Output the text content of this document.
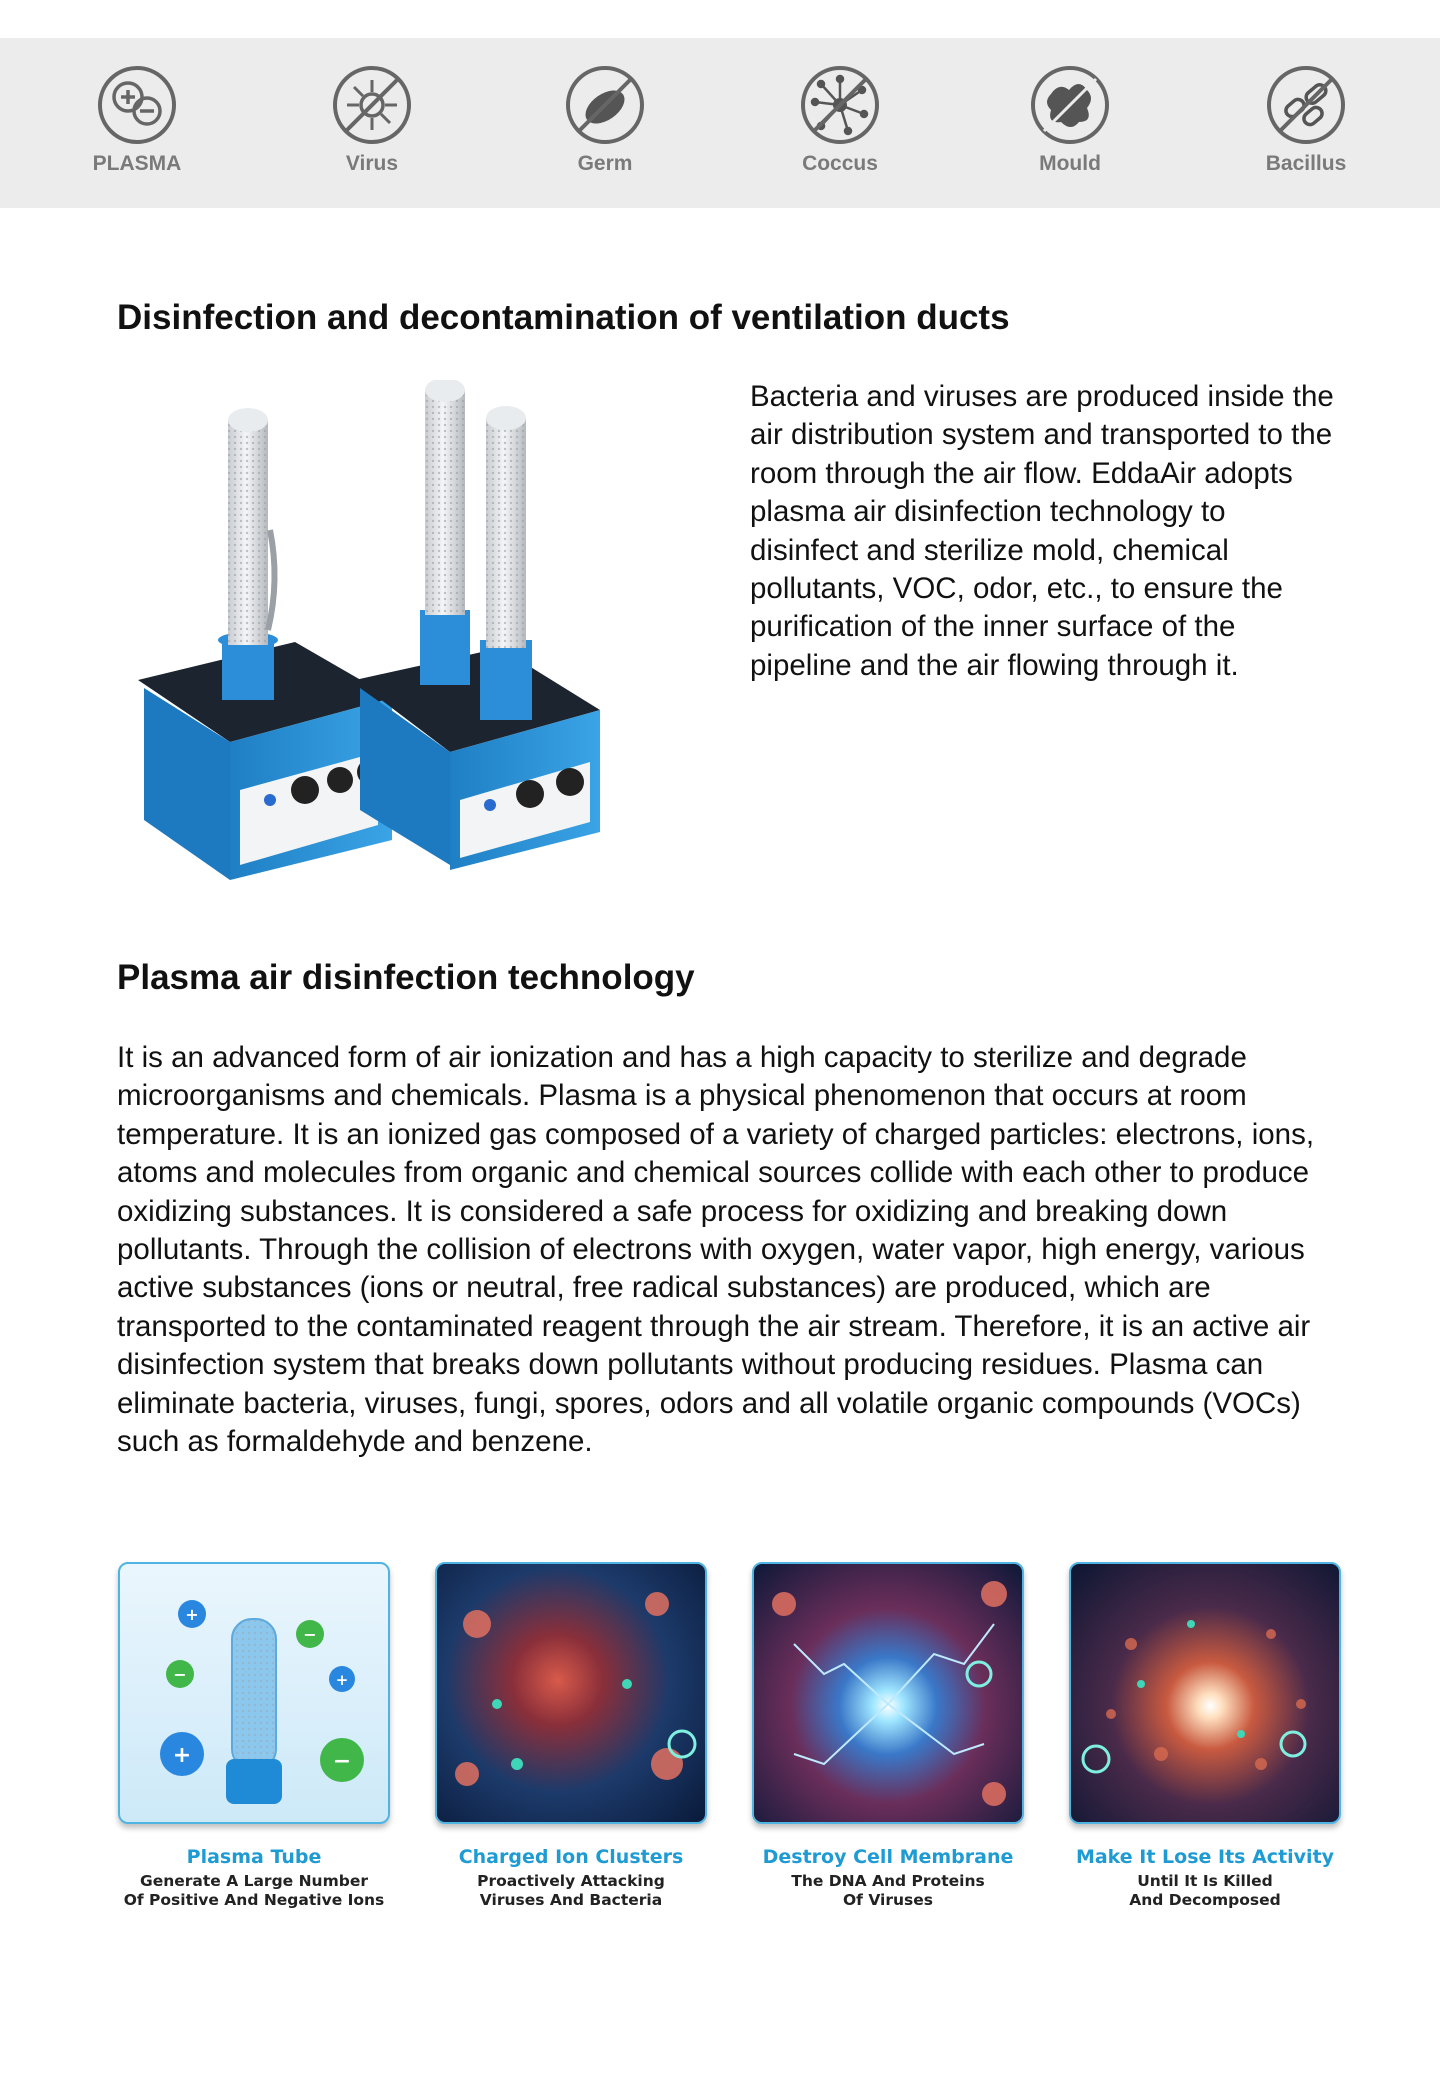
PLASMA	Virus	Germ	Coccus	Mould	Bacillus
Disinfection and decontamination of ventilation ducts

Bacteria and viruses are produced inside the air distribution system and transported to the room through the air flow. EddaAir adopts plasma air disinfection technology to disinfect and sterilize mold, chemical pollutants, VOC, odor, etc., to ensure the purification of the inner surface of the pipeline and the air flowing through it.

Plasma air disinfection technology

It is an advanced form of air ionization and has a high capacity to sterilize and degrade microorganisms and chemicals. Plasma is a physical phenomenon that occurs at room temperature. It is an ionized gas composed of a variety of charged particles: electrons, ions, atoms and molecules from organic and chemical sources collide with each other to produce oxidizing substances. It is considered a safe process for oxidizing and breaking down pollutants. Through the collision of electrons with oxygen, water vapor, high energy, various active substances (ions or neutral, free radical substances) are produced, which are transported to the contaminated reagent through the air stream. Therefore, it is an active air disinfection system that breaks down pollutants without producing residues. Plasma can eliminate bacteria, viruses, fungi, spores, odors and all volatile organic compounds (VOCs) such as formaldehyde and benzene.

+
−
−	+
+	−
Plasma Tube
Generate A Large Number
Of Positive And Negative Ions
Charged Ion Clusters
Proactively Attacking
Viruses And Bacteria
Destroy Cell Membrane
The DNA And Proteins
Of Viruses
Make It Lose Its Activity
Until It Is Killed
And Decomposed
